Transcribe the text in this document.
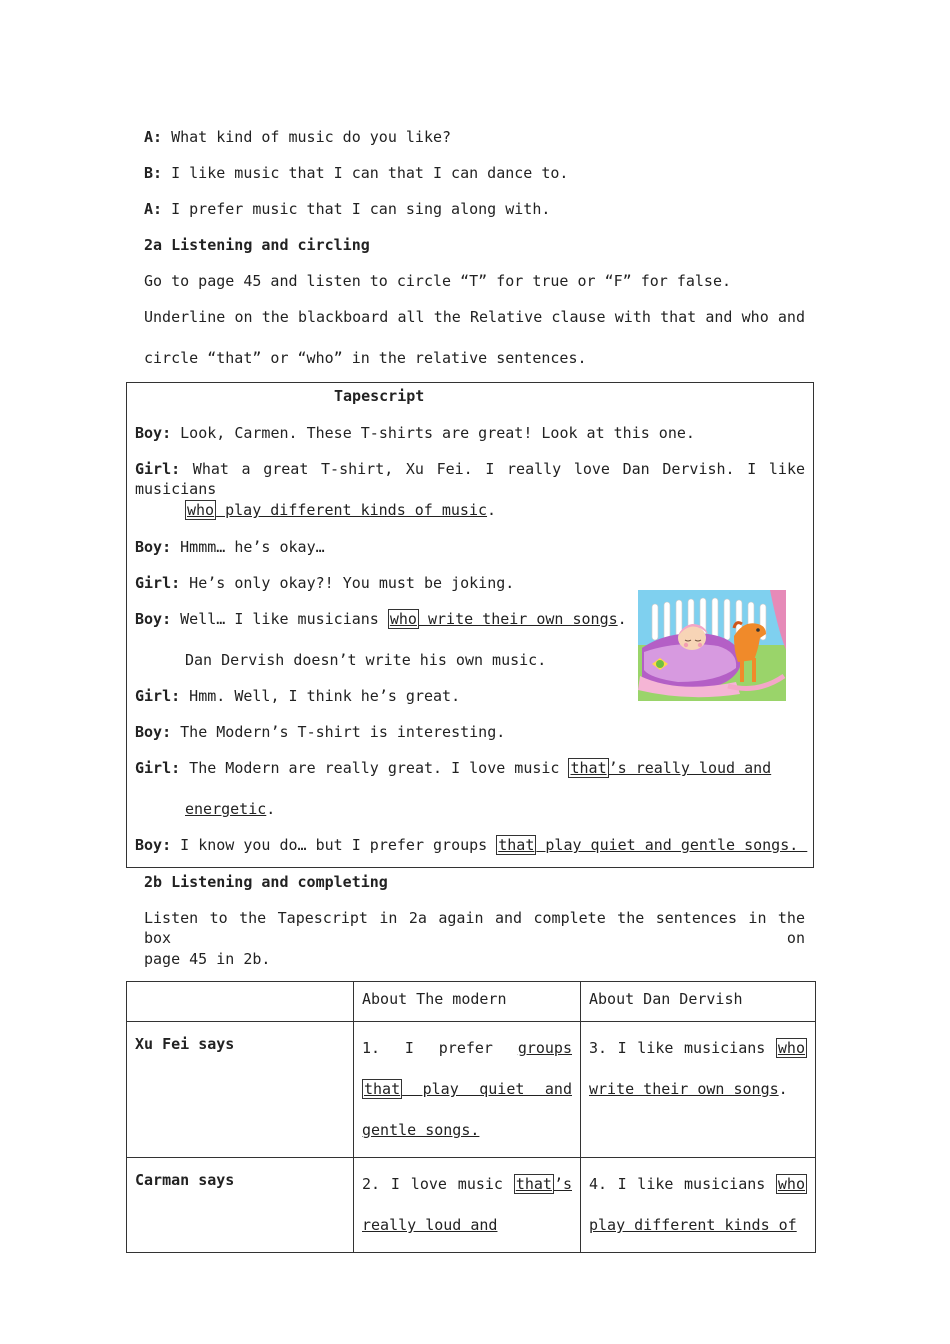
A: What kind of music do you like?
B: I like music that I can that I can dance to.
A: I prefer music that I can sing along with.
2a Listening and circling
Go to page 45 and listen to circle “T” for true or “F” for false.
Underline on the blackboard all the Relative clause with that and who and
circle “that” or “who” in the relative sentences.
Tapescript
Boy: Look, Carmen. These T-shirts are great! Look at this one.
Girl: What a great T-shirt, Xu Fei. I really love Dan Dervish. I like musicians
who play different kinds of music.
Boy: Hmmm… he’s okay…
Girl: He’s only okay?! You must be joking.
Boy: Well… I like musicians who write their own songs.
Dan Dervish doesn’t write his own music.
Girl: Hmm. Well, I think he’s great.
Boy: The Modern’s T-shirt is interesting.
Girl: The Modern are really great. I love music that ’s really loud and
energetic.
Boy: I know you do… but I prefer groups that play quiet and gentle songs.
2b Listening and completing
Listen to the Tapescript in 2a again and complete the sentences in the box on
page 45 in 2b.
	About The modern	About Dan Dervish
Xu Fei says	1. I prefer groups that play quiet and gentle songs.	3. I like musicians who write their own songs.

Carman says	2. I love music that ’s really loud and	4. I like musicians who play different kinds of
